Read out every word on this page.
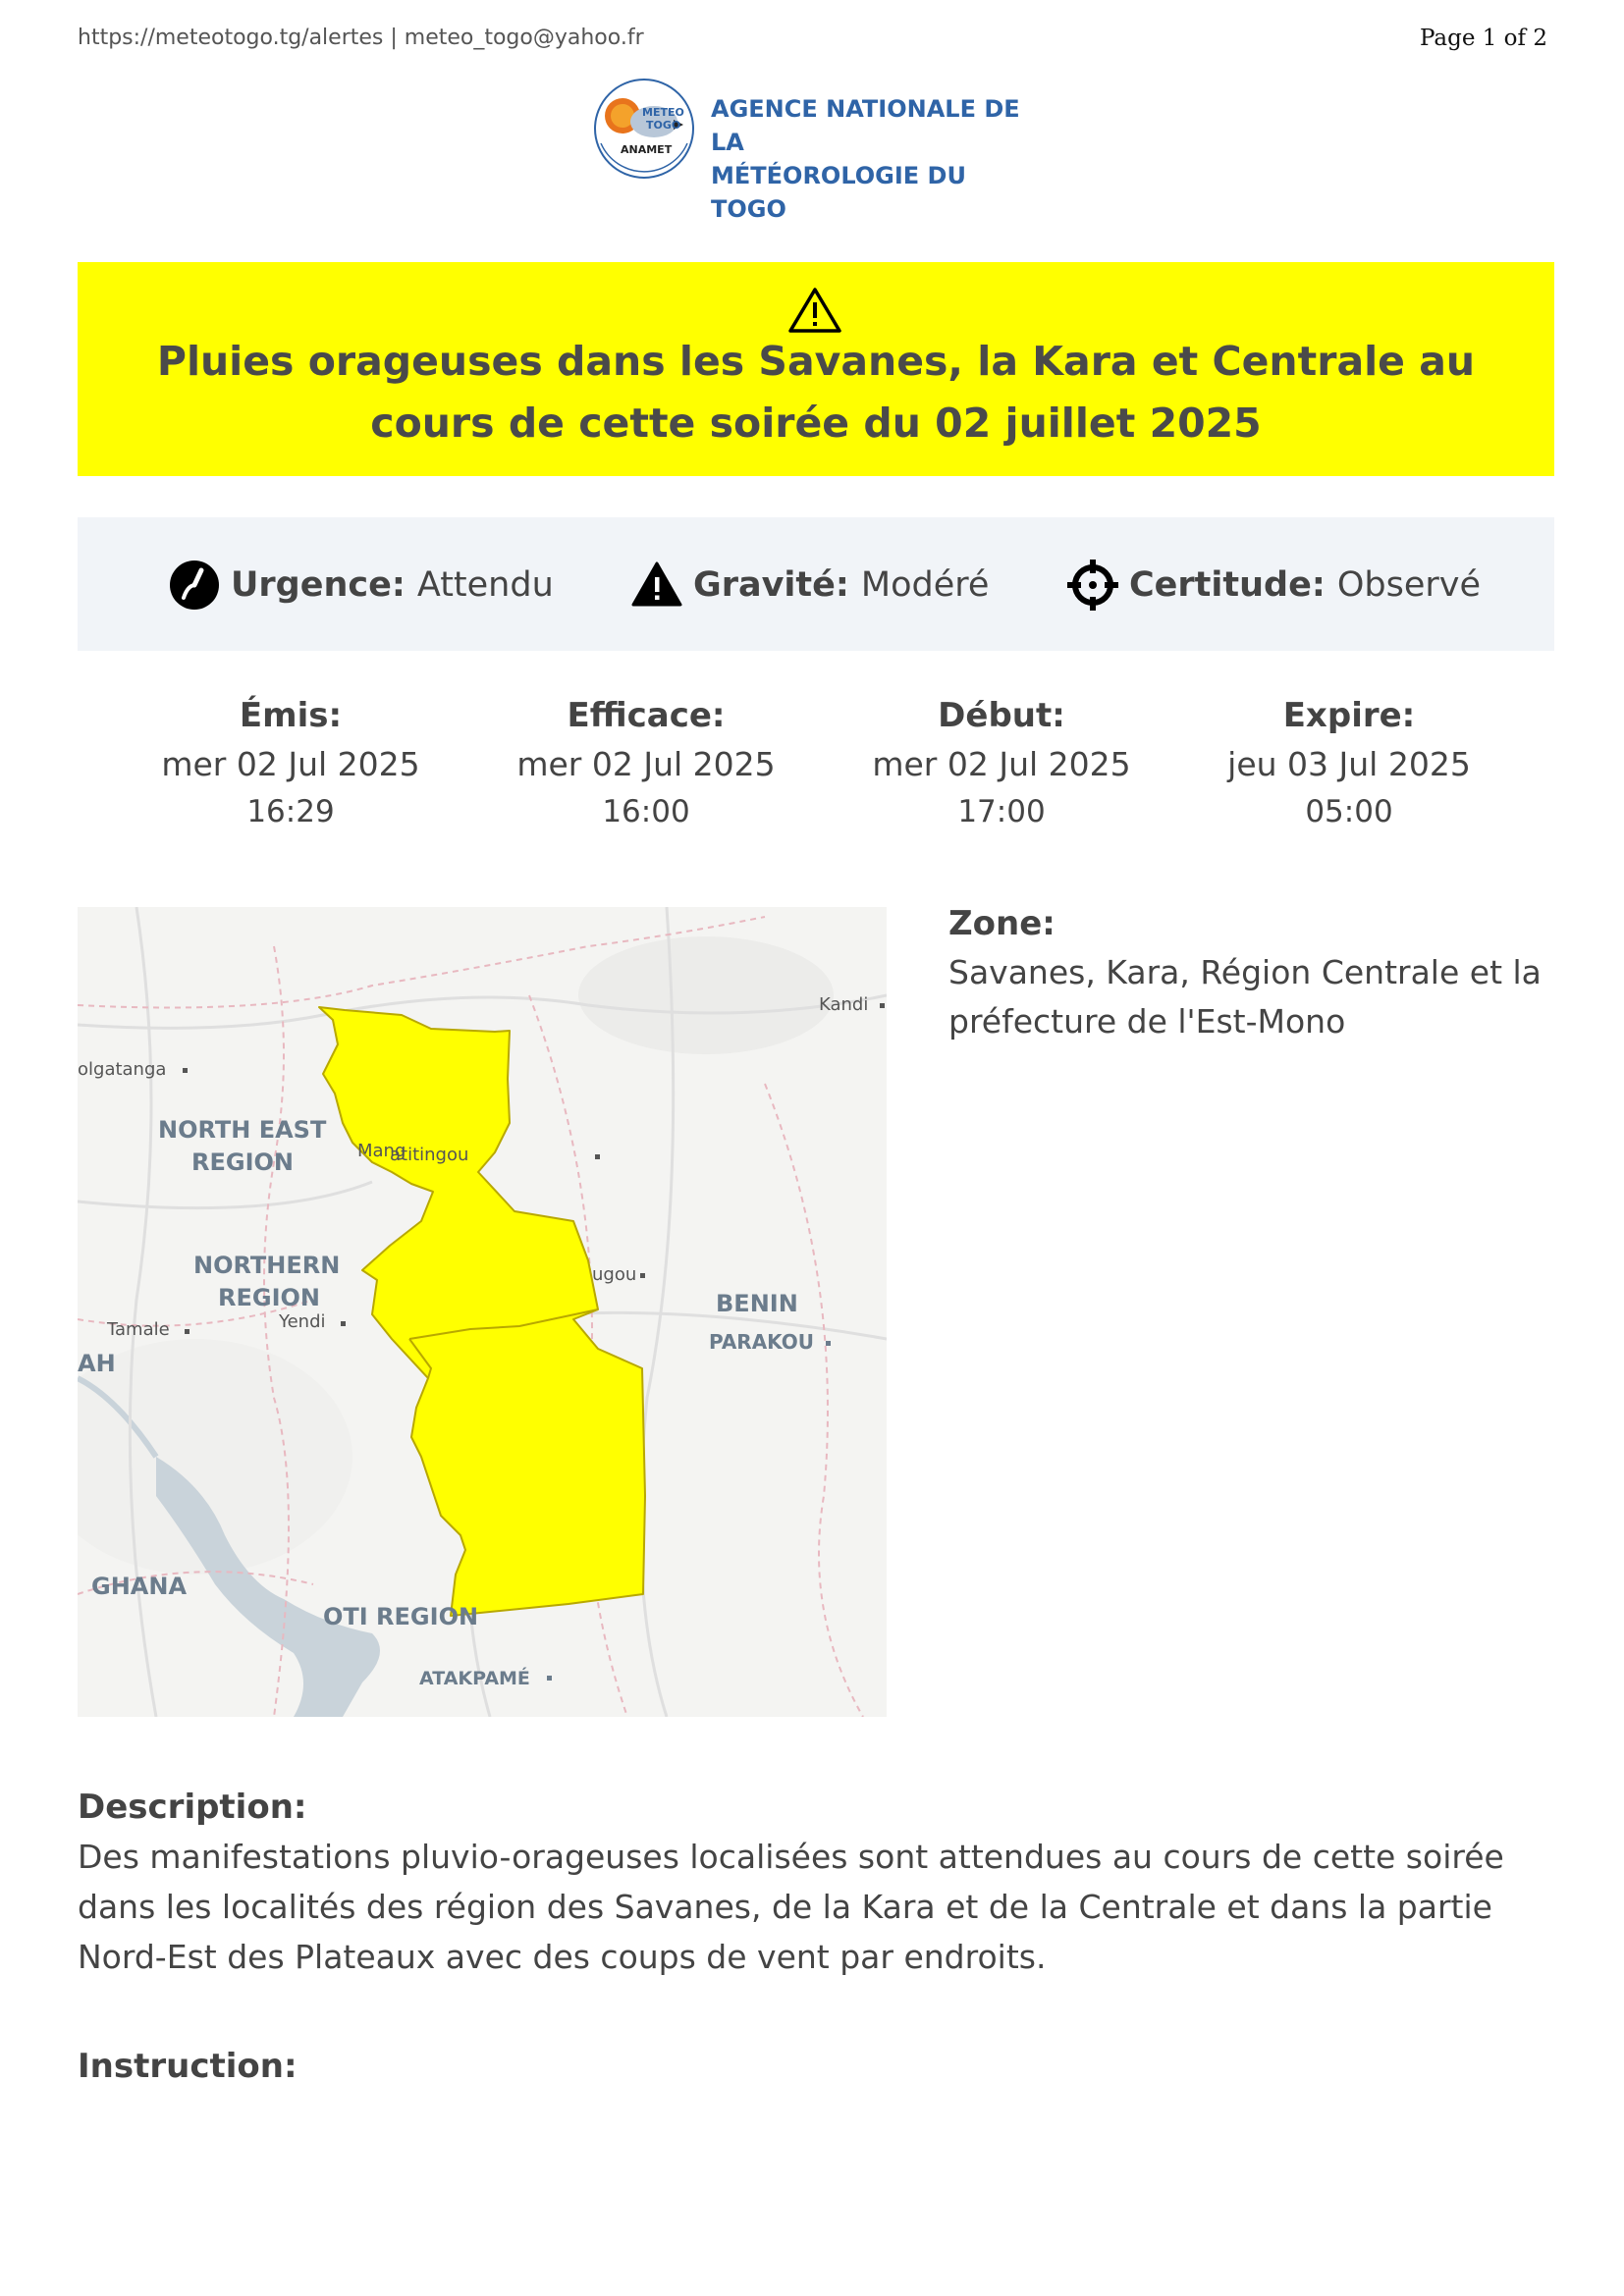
https://meteotogo.tg/alertes | meteo_togo@yahoo.fr	Page 1 of 2
METEO
TOGO
ANAMET
AGENCE NATIONALE DE LA
MÉTÉOROLOGIE DU TOGO
Pluies orageuses dans les Savanes, la Kara et Centrale au cours de cette soirée du 02 juillet 2025
Urgence: Attendu	Gravité: Modéré	Certitude: Observé
Émis:
mer 02 Jul 2025
16:29
Efficace:
mer 02 Jul 2025
16:00
Début:
mer 02 Jul 2025
17:00
Expire:
jeu 03 Jul 2025
05:00
Kandi
olgatanga
atitingou
Mang
ugou
Tamale	Yendi
NORTH EAST
REGION
NORTHERN
REGION	BENIN
PARAKOU
AH
GHANA
OTI REGION
ATAKPAMÉ
Zone:
Savanes, Kara, Région Centrale et la préfecture de l'Est-Mono
Description:
Des manifestations pluvio-orageuses localisées sont attendues au cours de cette soirée dans les localités des région des Savanes, de la Kara et de la Centrale et dans la partie Nord-Est des Plateaux avec des coups de vent par endroits.
Instruction:
